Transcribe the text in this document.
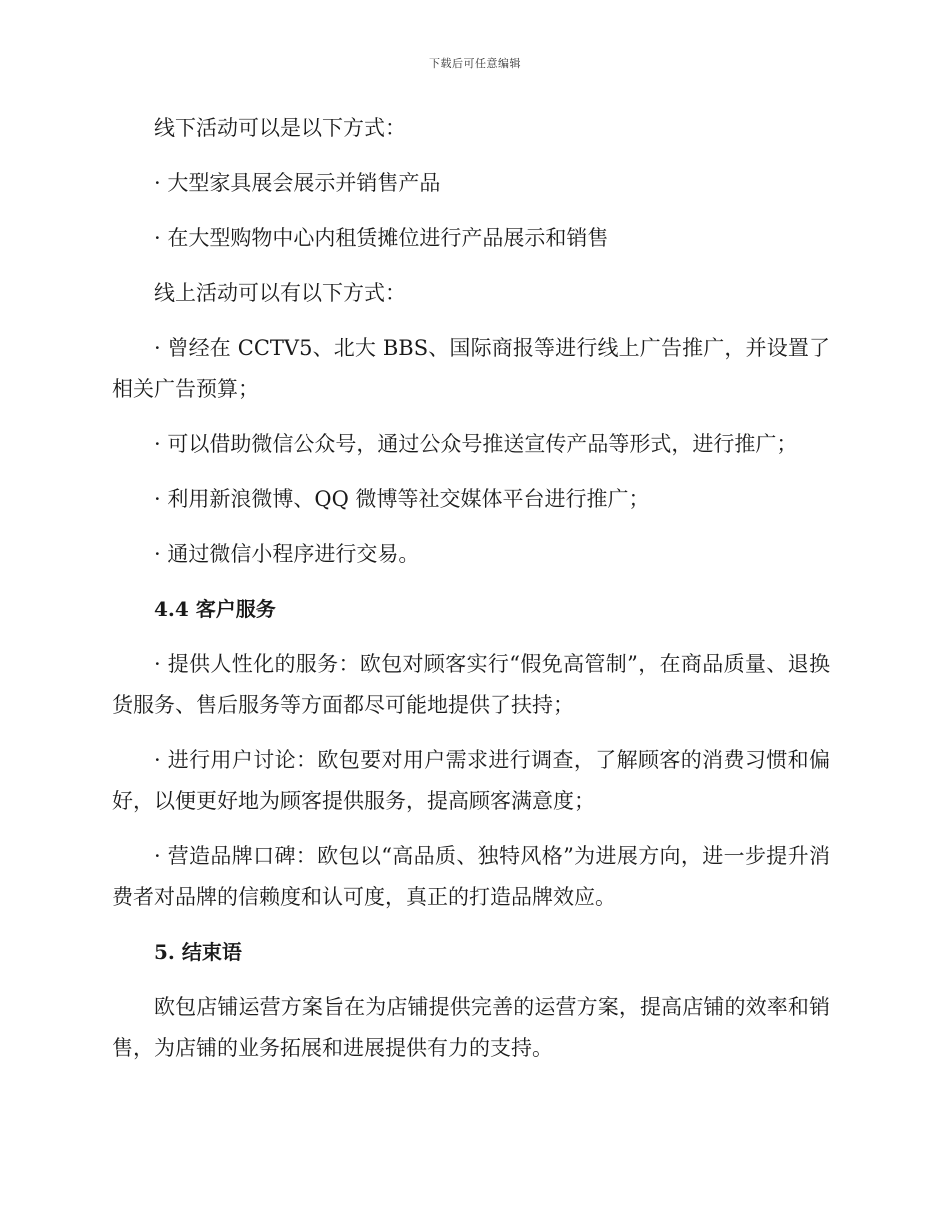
下载后可任意编辑

线下活动可以是以下方式：

· 大型家具展会展示并销售产品

· 在大型购物中心内租赁摊位进行产品展示和销售

线上活动可以有以下方式：

· 曾经在 CCTV5、北大 BBS、国际商报等进行线上广告推广，并设置了相关广告预算；

· 可以借助微信公众号，通过公众号推送宣传产品等形式，进行推广；

· 利用新浪微博、QQ 微博等社交媒体平台进行推广；

· 通过微信小程序进行交易。

4.4 客户服务

· 提供人性化的服务：欧包对顾客实行“假免高管制”，在商品质量、退换货服务、售后服务等方面都尽可能地提供了扶持；

· 进行用户讨论：欧包要对用户需求进行调查，了解顾客的消费习惯和偏好，以便更好地为顾客提供服务，提高顾客满意度；

· 营造品牌口碑：欧包以“高品质、独特风格”为进展方向，进一步提升消费者对品牌的信赖度和认可度，真正的打造品牌效应。

5. 结束语

欧包店铺运营方案旨在为店铺提供完善的运营方案，提高店铺的效率和销售，为店铺的业务拓展和进展提供有力的支持。
